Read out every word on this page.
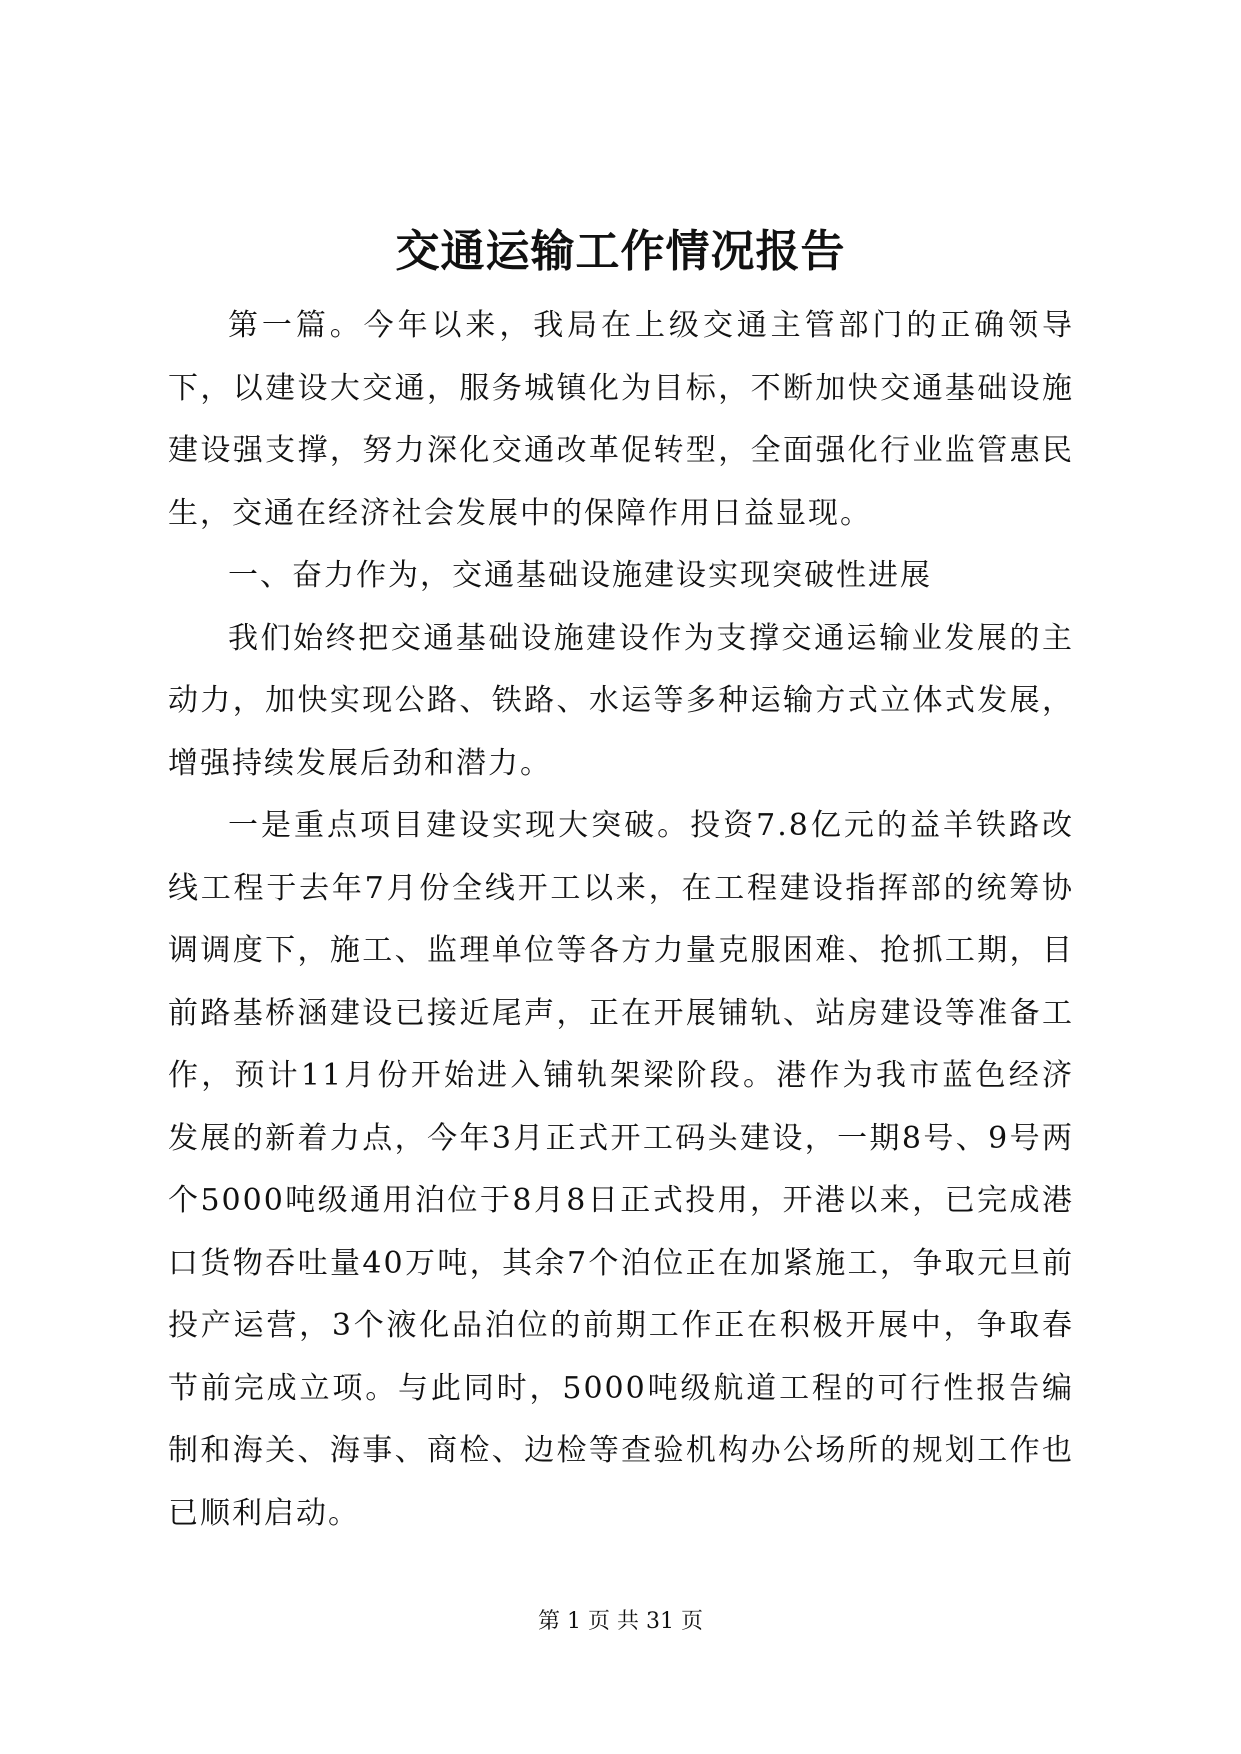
交通运输工作情况报告

第一篇。今年以来，我局在上级交通主管部门的正确领导下，以建设大交通，服务城镇化为目标，不断加快交通基础设施建设强支撑，努力深化交通改革促转型，全面强化行业监管惠民生，交通在经济社会发展中的保障作用日益显现。

一、奋力作为，交通基础设施建设实现突破性进展

我们始终把交通基础设施建设作为支撑交通运输业发展的主动力，加快实现公路、铁路、水运等多种运输方式立体式发展，增强持续发展后劲和潜力。

一是重点项目建设实现大突破。投资7.8亿元的益羊铁路改线工程于去年7月份全线开工以来，在工程建设指挥部的统筹协调调度下，施工、监理单位等各方力量克服困难、抢抓工期，目前路基桥涵建设已接近尾声，正在开展铺轨、站房建设等准备工作，预计11月份开始进入铺轨架梁阶段。港作为我市蓝色经济发展的新着力点，今年3月正式开工码头建设，一期8号、9号两个5000吨级通用泊位于8月8日正式投用，开港以来，已完成港口货物吞吐量40万吨，其余7个泊位正在加紧施工，争取元旦前投产运营，3个液化品泊位的前期工作正在积极开展中，争取春节前完成立项。与此同时，5000吨级航道工程的可行性报告编制和海关、海事、商检、边检等查验机构办公场所的规划工作也已顺利启动。

第 1 页 共 31 页
